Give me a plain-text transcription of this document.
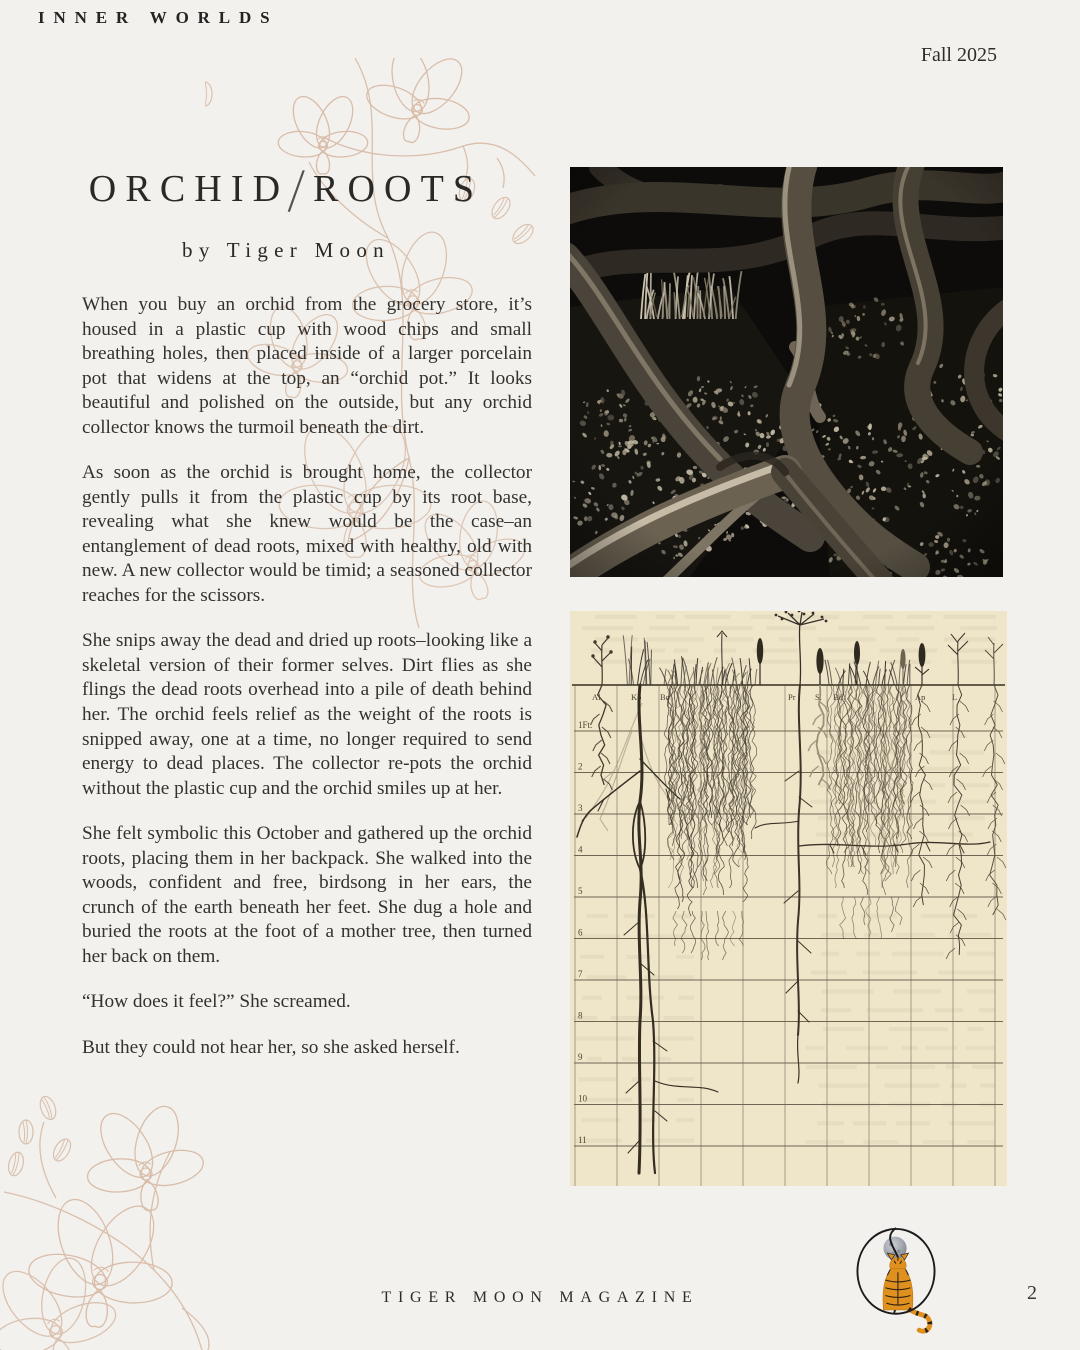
INNER WORLDS
Fall 2025
ORCHID/ROOTS
by Tiger Moon

When you buy an orchid from the grocery store, it’s housed in a plastic cup with wood chips and small breathing holes, then placed inside of a larger porcelain pot that widens at the top, an “orchid pot.” It looks beautiful and polished on the outside, but any orchid collector knows the turmoil beneath the dirt.

As soon as the orchid is brought home, the collector gently pulls it from the plastic cup by its root base, revealing what she knew would be the case–an entanglement of dead roots, mixed with healthy, old with new. A new collector would be timid; a seasoned collector reaches for the scissors.

She snips away the dead and dried up roots–looking like a skeletal version of their former selves. Dirt flies as she flings the dead roots overhead into a pile of death behind her. The orchid feels relief as the weight of the roots is snipped away, one at a time, no longer required to send energy to dead places. The collector re-pots the orchid without the plastic cup and the orchid smiles up at her.

She felt symbolic this October and gathered up the orchid roots, placing them in her backpack. She walked into the woods, confident and free, birdsong in her ears, the crunch of the earth beneath her feet. She dug a hole and buried the roots at the foot of a mother tree, then turned her back on them.

“How does it feel?” She screamed.

But they could not hear her, so she asked herself.

1Ft.
2
3
4
5
6
7
8
9
10
11
Al	Ko Bo	Pr S. Bd	Ap	L
TIGER MOON MAGAZINE	2
